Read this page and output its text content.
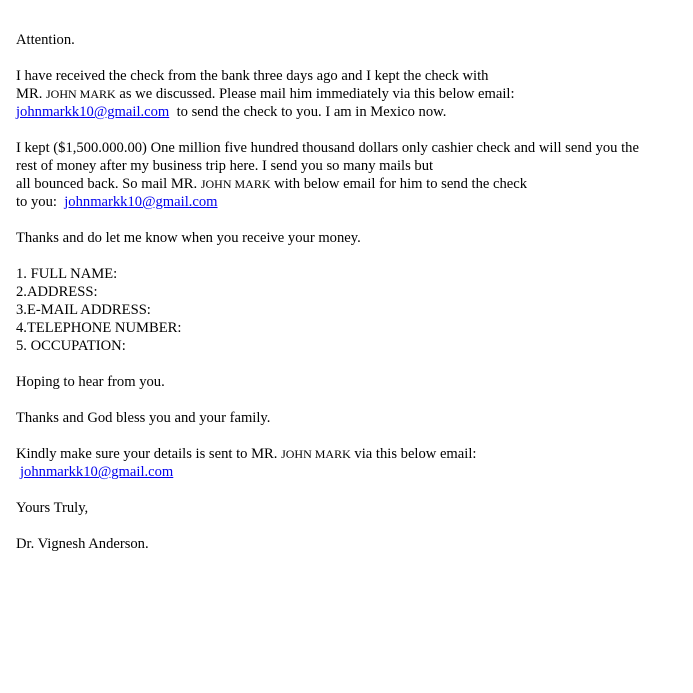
Attention.

I have received the check from the bank three days ago and I kept the check with
MR. JOHN MARK as we discussed. Please mail him immediately via this below email:
johnmarkk10@gmail.com to send the check to you. I am in Mexico now.

I kept ($1,500.000.00) One million five hundred thousand dollars only cashier check and will send you the
rest of money after my business trip here. I send you so many mails but
all bounced back. So mail MR. JOHN MARK with below email for him to send the check
to you: johnmarkk10@gmail.com

Thanks and do let me know when you receive your money.

1. FULL NAME:
2.ADDRESS:
3.E-MAIL ADDRESS:
4.TELEPHONE NUMBER:
5. OCCUPATION:

Hoping to hear from you.

Thanks and God bless you and your family.

Kindly make sure your details is sent to MR. JOHN MARK via this below email:
johnmarkk10@gmail.com

Yours Truly,

Dr. Vignesh Anderson.
